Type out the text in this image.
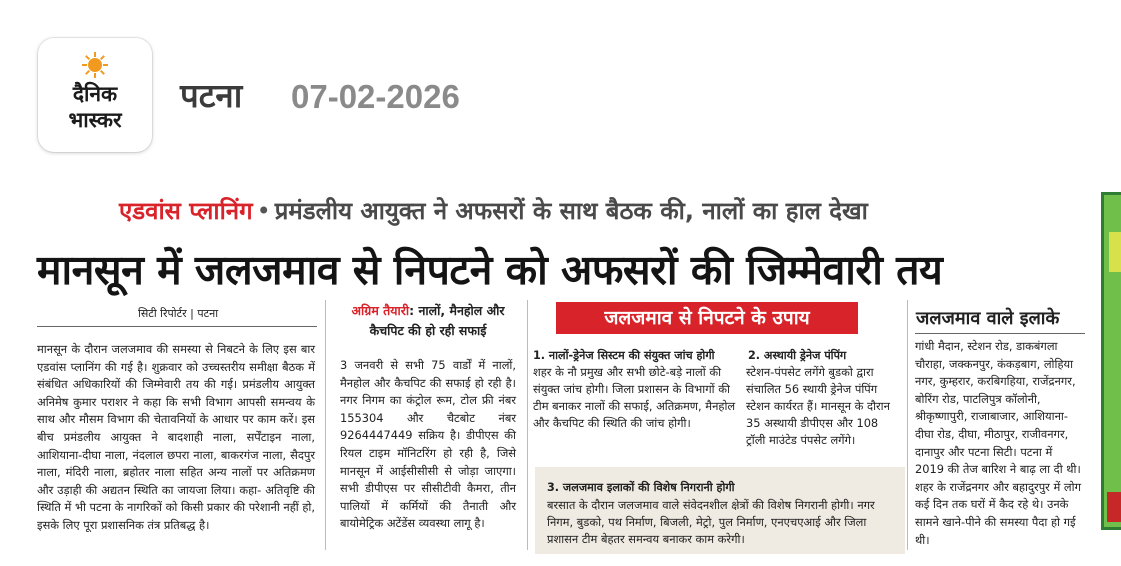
दैनिक
भास्कर
पटना 07-02-2026
एडवांस प्लानिंग • प्रमंडलीय आयुक्त ने अफसरों के साथ बैठक की, नालों का हाल देखा
मानसून में जलजमाव से निपटने को अफसरों की जिम्मेवारी तय
सिटी रिपोर्टर | पटना
मानसून के दौरान जलजमाव की समस्या से निबटने के लिए इस बार एडवांस प्लानिंग की गई है। शुक्रवार को उच्चस्तरीय समीक्षा बैठक में संबंधित अधिकारियों की जिम्मेवारी तय की गई। प्रमंडलीय आयुक्त अनिमेष कुमार पराशर ने कहा कि सभी विभाग आपसी समन्वय के साथ और मौसम विभाग की चेतावनियों के आधार पर काम करें। इस बीच प्रमंडलीय आयुक्त ने बादशाही नाला, सर्पेंटाइन नाला, आशियाना-दीघा नाला, नंदलाल छपरा नाला, बाकरगंज नाला, सैदपुर नाला, मंदिरी नाला, ब्रहोतर नाला सहित अन्य नालों पर अतिक्रमण और उड़ाही की अद्यतन स्थिति का जायजा लिया। कहा- अतिवृष्टि की स्थिति में भी पटना के नागरिकों को किसी प्रकार की परेशानी नहीं हो, इसके लिए पूरा प्रशासनिक तंत्र प्रतिबद्ध है।
अग्रिम तैयारी: नालों, मैनहोल और कैचपिट की हो रही सफाई
3 जनवरी से सभी 75 वार्डों में नालों, मैनहोल और कैचपिट की सफाई हो रही है। नगर निगम का कंट्रोल रूम, टोल फ्री नंबर 155304 और चैटबोट नंबर 9264447449 सक्रिय है। डीपीएस की रियल टाइम मॉनिटरिंग हो रही है, जिसे मानसून में आईसीसीसी से जोड़ा जाएगा। सभी डीपीएस पर सीसीटीवी कैमरा, तीन पालियों में कर्मियों की तैनाती और बायोमेट्रिक अटेंडेंस व्यवस्था लागू है।
जलजमाव से निपटने के उपाय
1. नालों-ड्रेनेज सिस्टम की संयुक्त जांच होगी
शहर के नौ प्रमुख और सभी छोटे-बड़े नालों की संयुक्त जांच होगी। जिला प्रशासन के विभागों की टीम बनाकर नालों की सफाई, अतिक्रमण, मैनहोल और कैचपिट की स्थिति की जांच होगी।
2. अस्थायी ड्रेनेज पंपिंग
स्टेशन-पंपसेट लगेंगे बुडको द्वारा संचालित 56 स्थायी ड्रेनेज पंपिंग स्टेशन कार्यरत हैं। मानसून के दौरान 35 अस्थायी डीपीएस और 108 ट्रॉली माउंटेड पंपसेट लगेंगे।
3. जलजमाव इलाकों की विशेष निगरानी होगी
बरसात के दौरान जलजमाव वाले संवेदनशील क्षेत्रों की विशेष निगरानी होगी। नगर निगम, बुडको, पथ निर्माण, बिजली, मेट्रो, पुल निर्माण, एनएचएआई और जिला प्रशासन टीम बेहतर समन्वय बनाकर काम करेगी।
जलजमाव वाले इलाके
गांधी मैदान, स्टेशन रोड, डाकबंगला चौराहा, जक्कनपुर, कंकड़बाग, लोहिया नगर, कुम्हरार, करबिगहिया, राजेंद्रनगर, बोरिंग रोड, पाटलिपुत्र कॉलोनी, श्रीकृष्णापुरी, राजाबाजार, आशियाना-दीघा रोड, दीघा, मीठापुर, राजीवनगर, दानापुर और पटना सिटी। पटना में 2019 की तेज बारिश ने बाढ़ ला दी थी। शहर के राजेंद्रनगर और बहादुरपुर में लोग कई दिन तक घरों में कैद रहे थे। उनके सामने खाने-पीने की समस्या पैदा हो गई थी।
